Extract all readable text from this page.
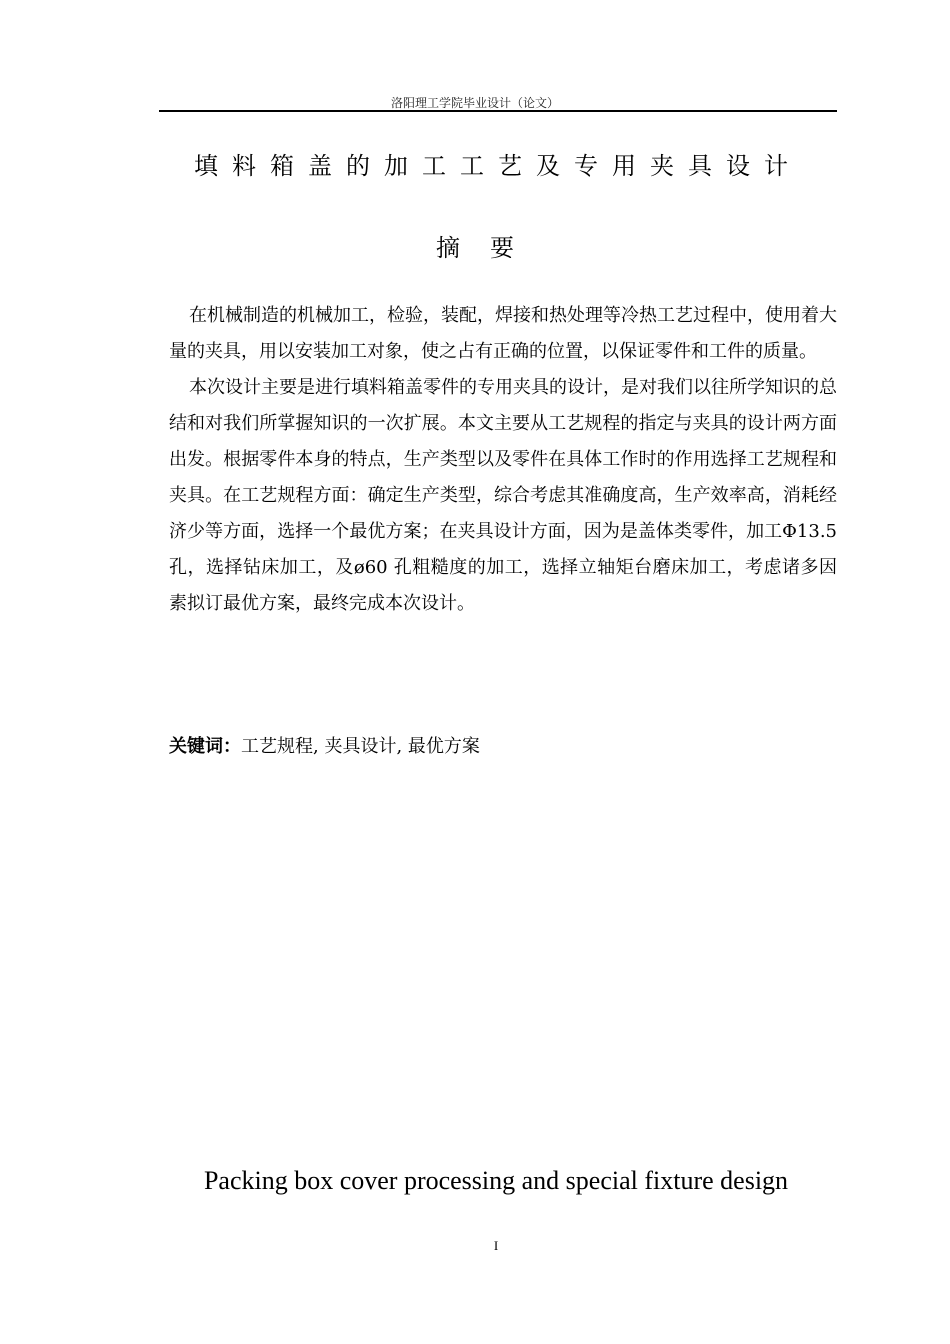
洛阳理工学院毕业设计（论文）
填料箱盖的加工工艺及专用夹具设计
摘要

在机械制造的机械加工，检验，装配，焊接和热处理等冷热工艺过程中，使用着大量的夹具，用以安装加工对象，使之占有正确的位置，以保证零件和工件的质量。

本次设计主要是进行填料箱盖零件的专用夹具的设计，是对我们以往所学知识的总结和对我们所掌握知识的一次扩展。本文主要从工艺规程的指定与夹具的设计两方面出发。根据零件本身的特点，生产类型以及零件在具体工作时的作用选择工艺规程和夹具。在工艺规程方面：确定生产类型，综合考虑其准确度高，生产效率高，消耗经济少等方面，选择一个最优方案；在夹具设计方面，因为是盖体类零件，加工Φ13.5孔，选择钻床加工，及ø60 孔粗糙度的加工，选择立轴矩台磨床加工，考虑诸多因素拟订最优方案，最终完成本次设计。

关键词：工艺规程, 夹具设计, 最优方案
Packing box cover processing and special fixture design
I
